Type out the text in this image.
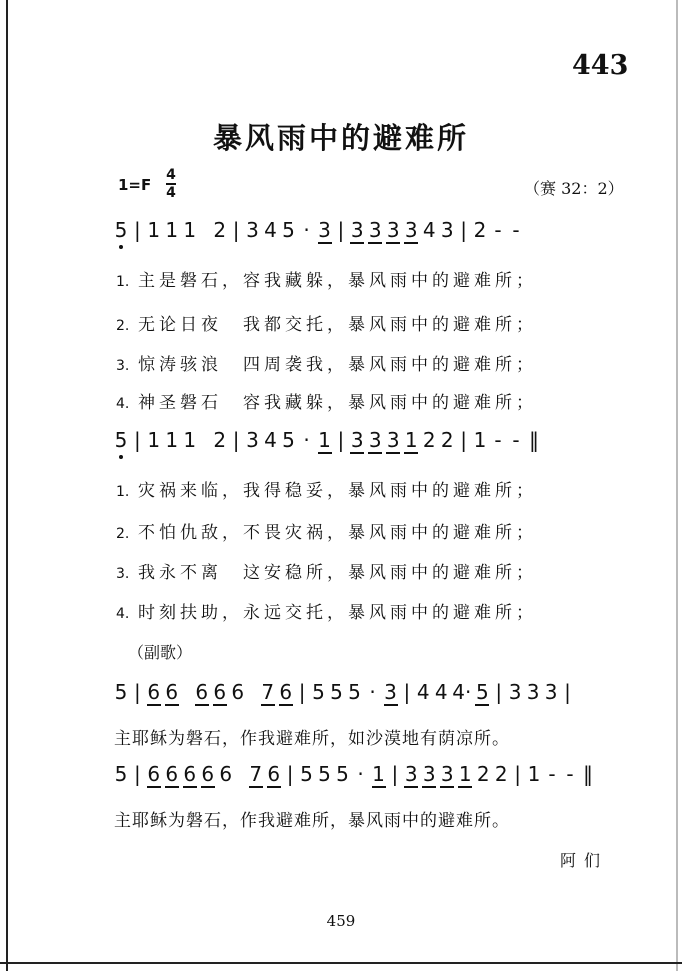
443
暴风雨中的避难所
1=F
4
4	（赛 32：2）
5 | 1 1 1 2 | 3 4 5 · 3 | 3 3 3 3 4 3 | 2 - -
1. 主是磐石，容我藏躲，暴风雨中的避难所；
2. 无论日夜　我都交托，暴风雨中的避难所；
3. 惊涛骇浪　四周袭我，暴风雨中的避难所；
4. 神圣磐石　容我藏躲，暴风雨中的避难所；
5 | 1 1 1 2 | 3 4 5 · 1 | 3 3 3 1 2 2 | 1 - - ‖
1. 灾祸来临，我得稳妥，暴风雨中的避难所；
2. 不怕仇敌，不畏灾祸，暴风雨中的避难所；
3. 我永不离　这安稳所，暴风雨中的避难所；
4. 时刻扶助，永远交托，暴风雨中的避难所；
（副歌）
5 | 6 6 6 6 6 7 6 | 5 5 5 · 3 | 4 4 4· 5 | 3 3 3 |
主耶稣为磐石，作我避难所，如沙漠地有荫凉所。
5 | 6 6 6 6 6 7 6 | 5 5 5 · 1 | 3 3 3 1 2 2 | 1 - - ‖
主耶稣为磐石，作我避难所，暴风雨中的避难所。
阿们
459
